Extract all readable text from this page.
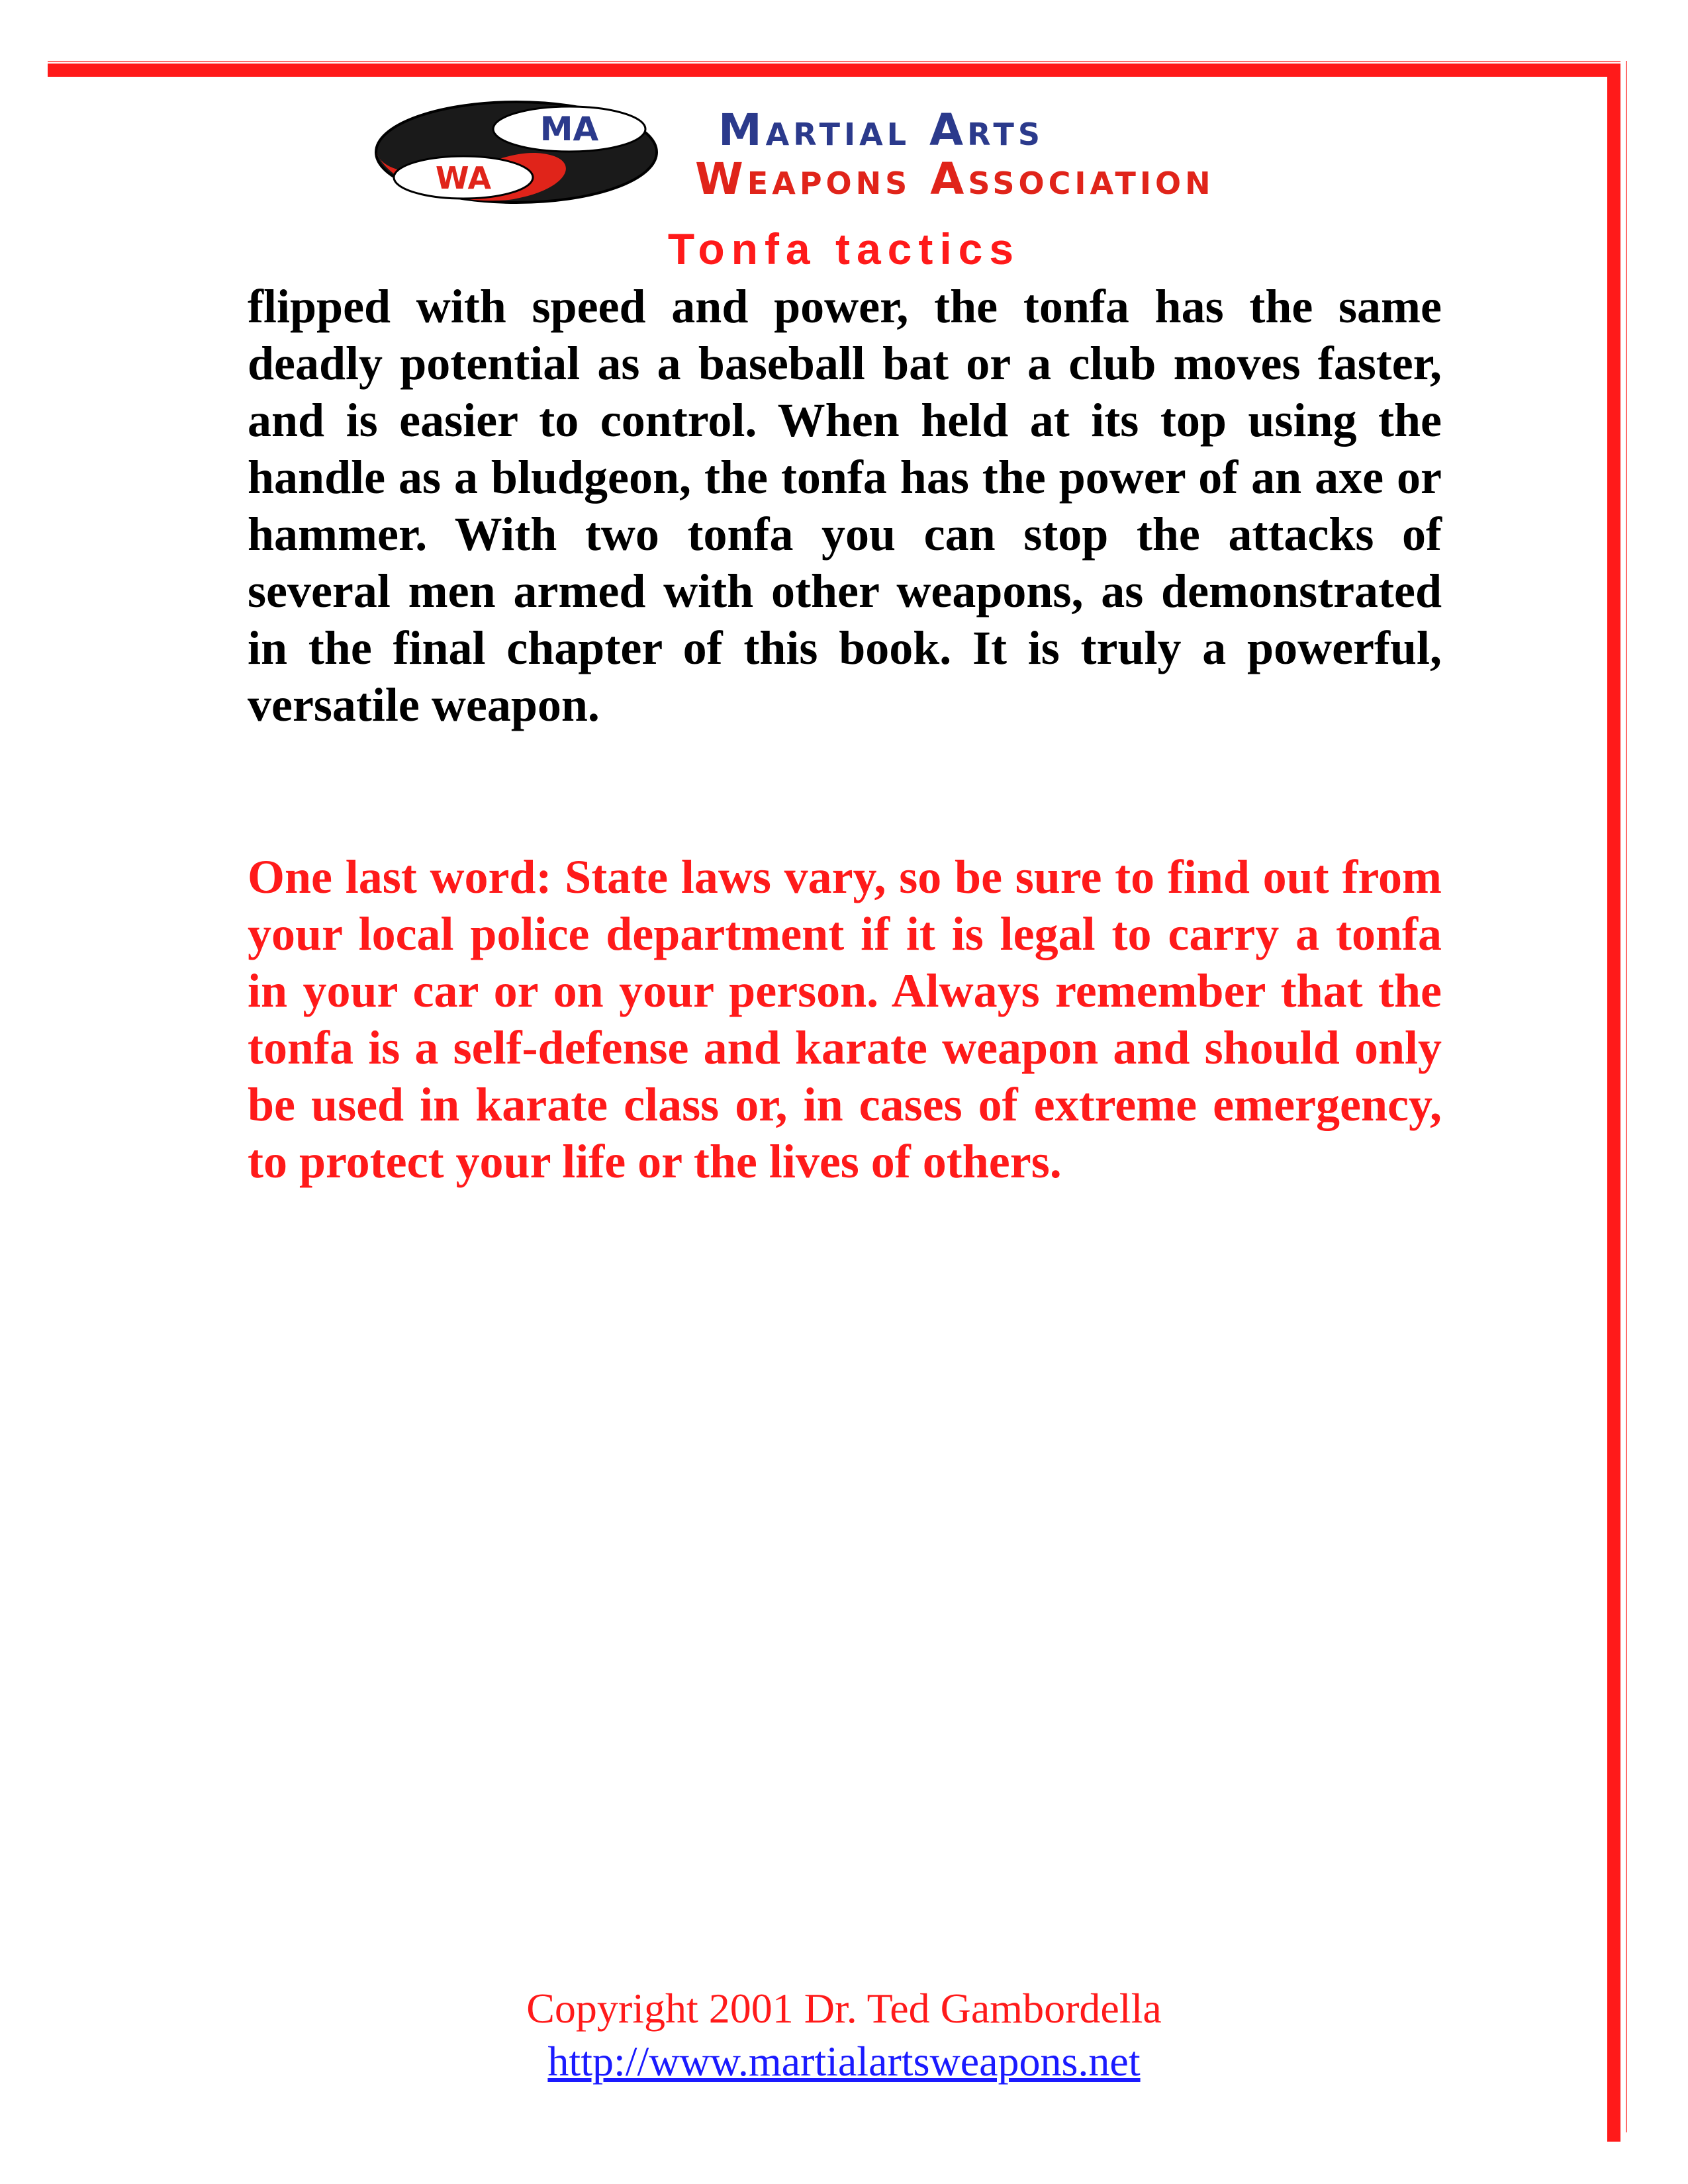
MA
WA
Martial Arts
Weapons Association
Tonfa tactics

flipped with speed and power, the tonfa has the same deadly potential as a baseball bat or a club moves faster, and is easier to control. When held at its top using the handle as a bludgeon, the tonfa has the power of an axe or hammer. With two tonfa you can stop the attacks of several men armed with other weapons, as demonstrated in the final chapter of this book. It is truly a powerful, versatile weapon.

One last word: State laws vary, so be sure to find out from your local police department if it is legal to carry a tonfa in your car or on your person. Always remember that the tonfa is a self-defense and karate weapon and should only be used in karate class or, in cases of extreme emergency, to protect your life or the lives of others.

Copyright 2001 Dr. Ted Gambordella
http://www.martialartsweapons.net
